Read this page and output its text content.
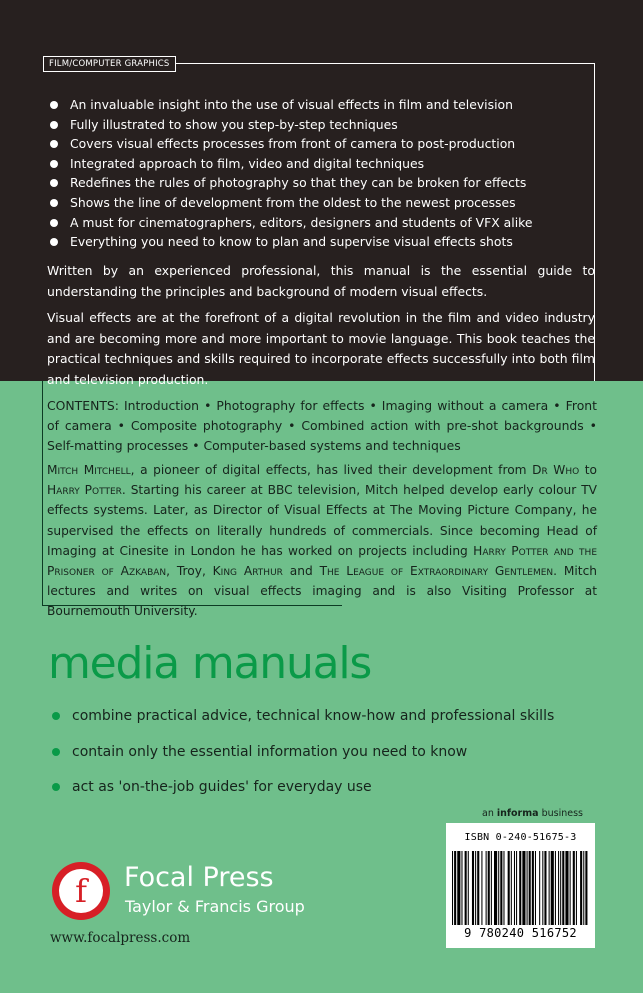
FILM/COMPUTER GRAPHICS
An invaluable insight into the use of visual effects in film and television
Fully illustrated to show you step-by-step techniques
Covers visual effects processes from front of camera to post-production
Integrated approach to film, video and digital techniques
Redefines the rules of photography so that they can be broken for effects
Shows the line of development from the oldest to the newest processes
A must for cinematographers, editors, designers and students of VFX alike
Everything you need to know to plan and supervise visual effects shots

Written by an experienced professional, this manual is the essential guide to understanding the principles and background of modern visual effects.

Visual effects are at the forefront of a digital revolution in the film and video industry and are becoming more and more important to movie language. This book teaches the practical techniques and skills required to incorporate effects successfully into both film and television production.

CONTENTS: Introduction • Photography for effects • Imaging without a camera • Front of camera • Composite photography • Combined action with pre-shot backgrounds • Self-matting processes • Computer-based systems and techniques

Mitch Mitchell, a pioneer of digital effects, has lived their development from Dr Who to Harry Potter. Starting his career at BBC television, Mitch helped develop early colour TV effects systems. Later, as Director of Visual Effects at The Moving Picture Company, he supervised the effects on literally hundreds of commercials. Since becoming Head of Imaging at Cinesite in London he has worked on projects including Harry Potter and the Prisoner of Azkaban, Troy, King Arthur and The League of Extraordinary Gentlemen. Mitch lectures and writes on visual effects imaging and is also Visiting Professor at Bournemouth University.

media manuals
combine practical advice, technical know-how and professional skills
contain only the essential information you need to know
act as 'on-the-job guides' for everyday use
an informa business
ISBN 0-240-51675-3
9 780240 516752
f Focal Press
Taylor & Francis Group
www.focalpress.com
